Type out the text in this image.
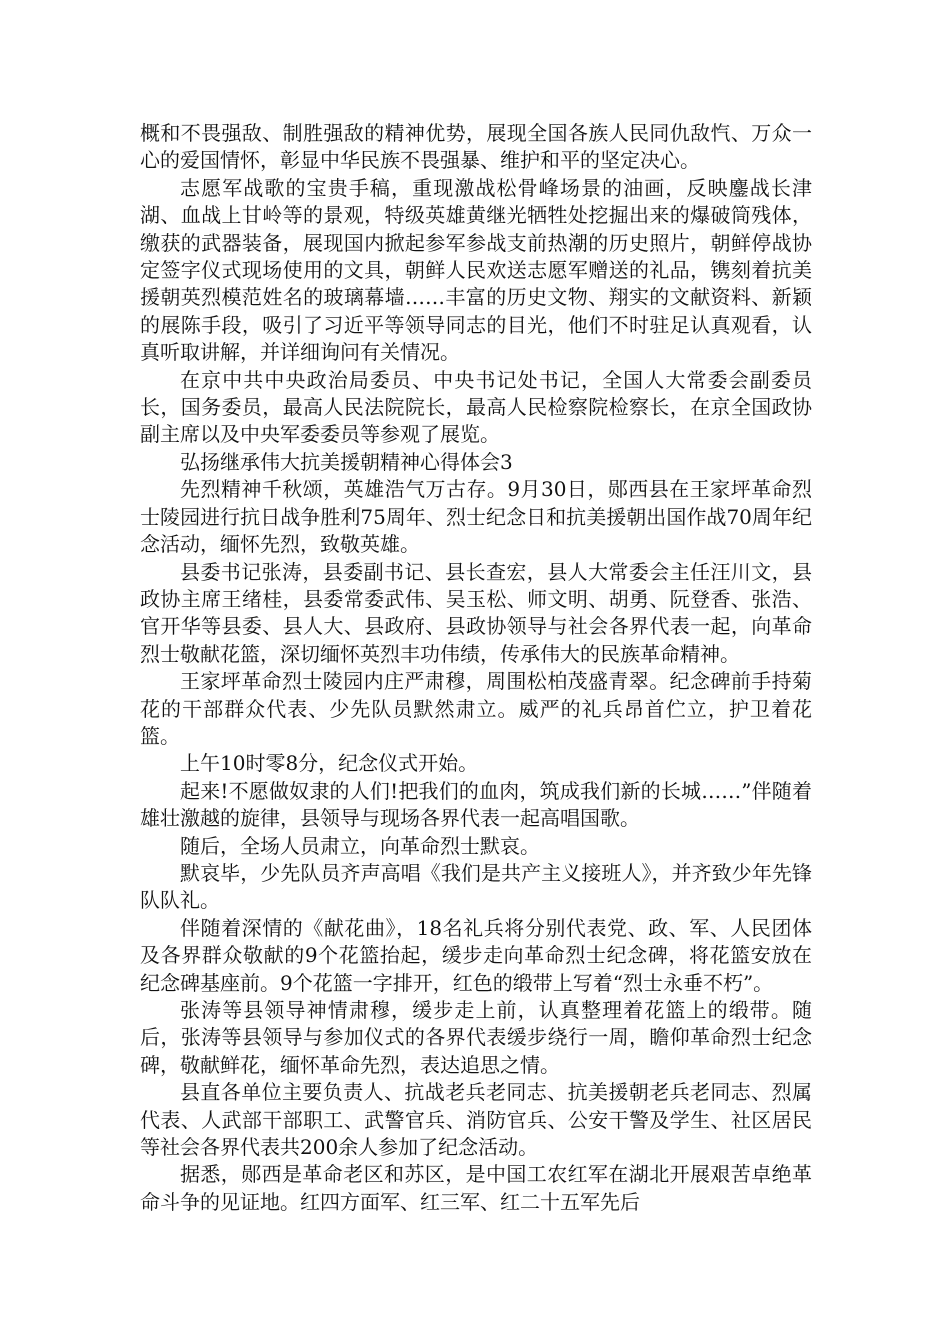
概和不畏强敌、制胜强敌的精神优势，展现全国各族人民同仇敌忾、万众一心的爱国情怀，彰显中华民族不畏强暴、维护和平的坚定决心。

志愿军战歌的宝贵手稿，重现激战松骨峰场景的油画，反映鏖战长津湖、血战上甘岭等的景观，特级英雄黄继光牺牲处挖掘出来的爆破筒残体，缴获的武器装备，展现国内掀起参军参战支前热潮的历史照片，朝鲜停战协定签字仪式现场使用的文具，朝鲜人民欢送志愿军赠送的礼品，镌刻着抗美援朝英烈模范姓名的玻璃幕墙……丰富的历史文物、翔实的文献资料、新颖的展陈手段，吸引了习近平等领导同志的目光，他们不时驻足认真观看，认真听取讲解，并详细询问有关情况。

在京中共中央政治局委员、中央书记处书记，全国人大常委会副委员长，国务委员，最高人民法院院长，最高人民检察院检察长，在京全国政协副主席以及中央军委委员等参观了展览。

弘扬继承伟大抗美援朝精神心得体会3

先烈精神千秋颂，英雄浩气万古存。9月30日，郧西县在王家坪革命烈士陵园进行抗日战争胜利75周年、烈士纪念日和抗美援朝出国作战70周年纪念活动，缅怀先烈，致敬英雄。

县委书记张涛，县委副书记、县长查宏，县人大常委会主任汪川文，县政协主席王绪桂，县委常委武伟、吴玉松、师文明、胡勇、阮登香、张浩、官开华等县委、县人大、县政府、县政协领导与社会各界代表一起，向革命烈士敬献花篮，深切缅怀英烈丰功伟绩，传承伟大的民族革命精神。

王家坪革命烈士陵园内庄严肃穆，周围松柏茂盛青翠。纪念碑前手持菊花的干部群众代表、少先队员默然肃立。威严的礼兵昂首伫立，护卫着花篮。

上午10时零8分，纪念仪式开始。

起来!不愿做奴隶的人们!把我们的血肉，筑成我们新的长城……”伴随着雄壮激越的旋律，县领导与现场各界代表一起高唱国歌。

随后，全场人员肃立，向革命烈士默哀。

默哀毕，少先队员齐声高唱《我们是共产主义接班人》，并齐致少年先锋队队礼。

伴随着深情的《献花曲》，18名礼兵将分别代表党、政、军、人民团体及各界群众敬献的9个花篮抬起，缓步走向革命烈士纪念碑，将花篮安放在纪念碑基座前。9个花篮一字排开，红色的缎带上写着“烈士永垂不朽”。

张涛等县领导神情肃穆，缓步走上前，认真整理着花篮上的缎带。随后，张涛等县领导与参加仪式的各界代表缓步绕行一周，瞻仰革命烈士纪念碑，敬献鲜花，缅怀革命先烈，表达追思之情。

县直各单位主要负责人、抗战老兵老同志、抗美援朝老兵老同志、烈属代表、人武部干部职工、武警官兵、消防官兵、公安干警及学生、社区居民等社会各界代表共200余人参加了纪念活动。

据悉，郧西是革命老区和苏区，是中国工农红军在湖北开展艰苦卓绝革命斗争的见证地。红四方面军、红三军、红二十五军先后
